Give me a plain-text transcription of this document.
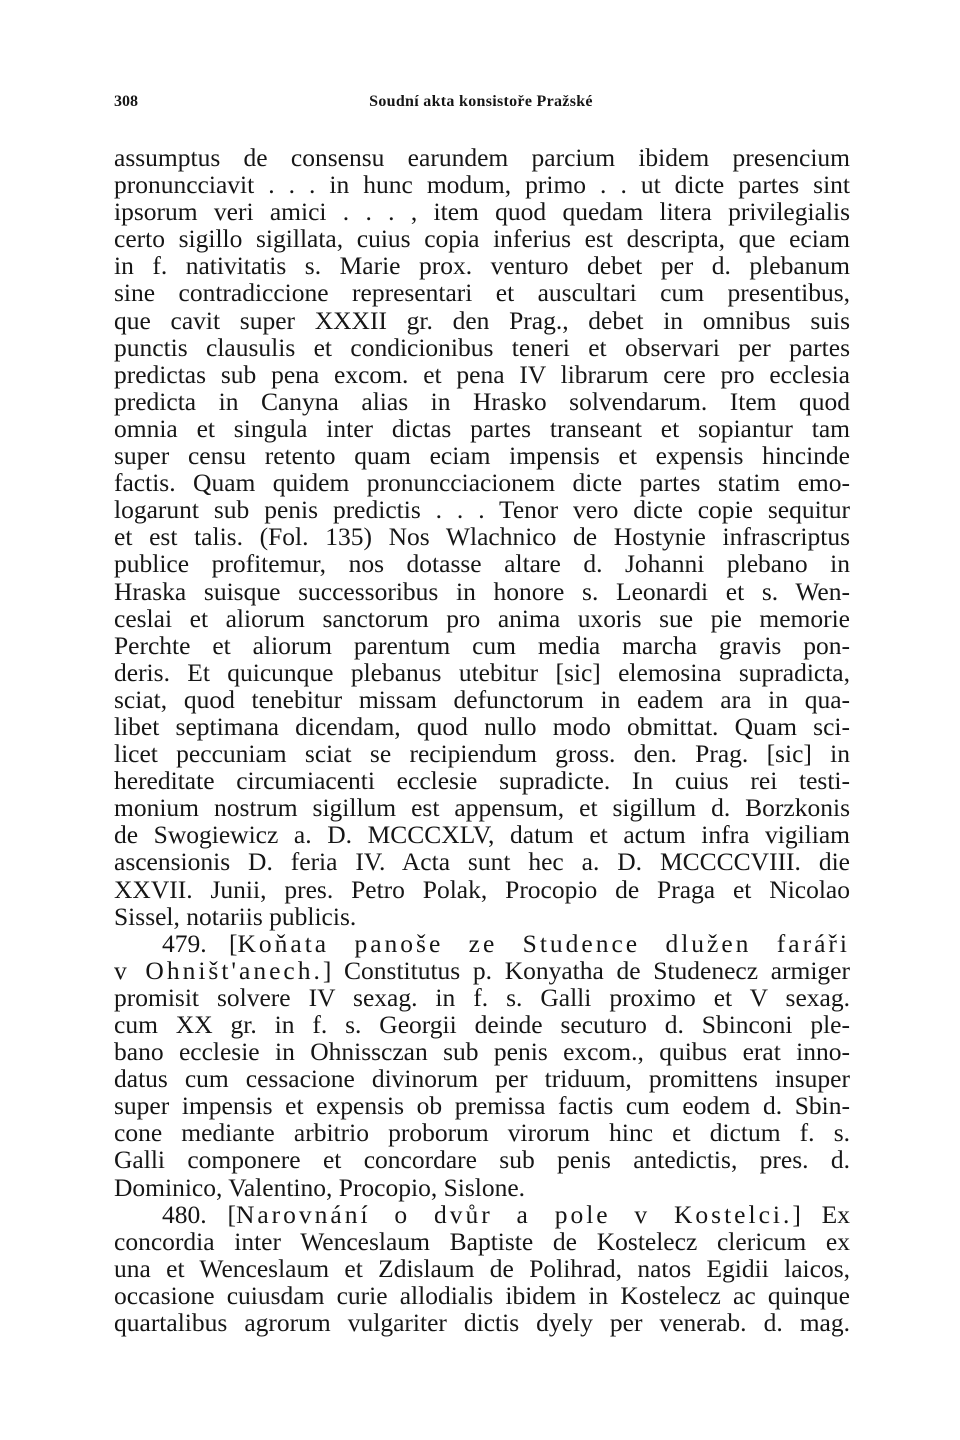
308	Soudní akta konsistoře Pražské
assumptus de consensu earundem parcium ibidem presencium
pronuncciavit . . . in hunc modum, primo . . ut dicte partes sint
ipsorum veri amici . . . , item quod quedam litera privilegialis
certo sigillo sigillata, cuius copia inferius est descripta, que eciam
in f. nativitatis s. Marie prox. venturo debet per d. plebanum
sine contradiccione representari et auscultari cum presentibus,
que cavit super XXXII gr. den Prag., debet in omnibus suis
punctis clausulis et condicionibus teneri et observari per partes
predictas sub pena excom. et pena IV librarum cere pro ecclesia
predicta in Canyna alias in Hrasko solvendarum. Item quod
omnia et singula inter dictas partes transeant et sopiantur tam
super censu retento quam eciam impensis et expensis hincinde
factis. Quam quidem pronuncciacionem dicte partes statim emo-
logarunt sub penis predictis . . . Tenor vero dicte copie sequitur
et est talis. (Fol. 135) Nos Wlachnico de Hostynie infrascriptus
publice profitemur, nos dotasse altare d. Johanni plebano in
Hraska suisque successoribus in honore s. Leonardi et s. Wen-
ceslai et aliorum sanctorum pro anima uxoris sue pie memorie
Perchte et aliorum parentum cum media marcha gravis pon-
deris. Et quicunque plebanus utebitur [sic] elemosina supradicta,
sciat, quod tenebitur missam defunctorum in eadem ara in qua-
libet septimana dicendam, quod nullo modo obmittat. Quam sci-
licet peccuniam sciat se recipiendum gross. den. Prag. [sic] in
hereditate circumiacenti ecclesie supradicte. In cuius rei testi-
monium nostrum sigillum est appensum, et sigillum d. Borzkonis
de Swogiewicz a. D. MCCCXLV, datum et actum infra vigiliam
ascensionis D. feria IV. Acta sunt hec a. D. MCCCCVIII. die
XXVII. Junii, pres. Petro Polak, Procopio de Praga et Nicolao
Sissel, notariis publicis.
479. [Koňata panoše ze Studence dlužen faráři
v Ohništ'anech.] Constitutus p. Konyatha de Studenecz armiger
promisit solvere IV sexag. in f. s. Galli proximo et V sexag.
cum XX gr. in f. s. Georgii deinde secuturo d. Sbinconi ple-
bano ecclesie in Ohnissczan sub penis excom., quibus erat inno-
datus cum cessacione divinorum per triduum, promittens insuper
super impensis et expensis ob premissa factis cum eodem d. Sbin-
cone mediante arbitrio proborum virorum hinc et dictum f. s.
Galli componere et concordare sub penis antedictis, pres. d.
Dominico, Valentino, Procopio, Sislone.
480. [Narovnání o dvůr a pole v Kostelci.] Ex
concordia inter Wenceslaum Baptiste de Kostelecz clericum ex
una et Wenceslaum et Zdislaum de Polihrad, natos Egidii laicos,
occasione cuiusdam curie allodialis ibidem in Kostelecz ac quinque
quartalibus agrorum vulgariter dictis dyely per venerab. d. mag.
